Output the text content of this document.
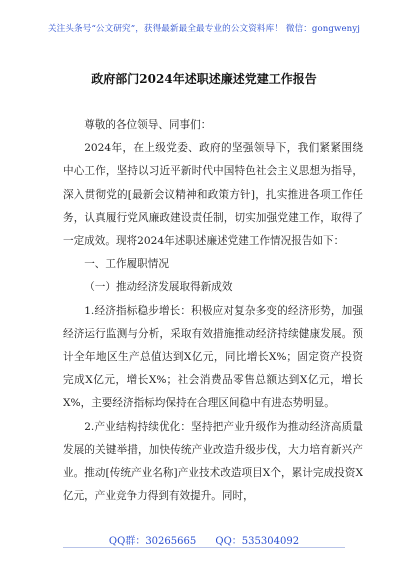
关注头条号“公文研究”，获得最新最全最专业的公文资料库！ 微信：gongwenyj
政府部门2024年述职述廉述党建工作报告

尊敬的各位领导、同事们：

2024年，在上级党委、政府的坚强领导下，我们紧紧围绕中心工作，坚持以习近平新时代中国特色社会主义思想为指导，深入贯彻党的[最新会议精神和政策方针]，扎实推进各项工作任务，认真履行党风廉政建设责任制，切实加强党建工作，取得了一定成效。现将2024年述职述廉述党建工作情况报告如下：

一、工作履职情况

（一）推动经济发展取得新成效

1.经济指标稳步增长：积极应对复杂多变的经济形势，加强经济运行监测与分析，采取有效措施推动经济持续健康发展。预计全年地区生产总值达到X亿元，同比增长X%；固定资产投资完成X亿元，增长X%；社会消费品零售总额达到X亿元，增长X%，主要经济指标均保持在合理区间稳中有进态势明显。

2.产业结构持续优化：坚持把产业升级作为推动经济高质量发展的关键举措，加快传统产业改造升级步伐，大力培育新兴产业。推动[传统产业名称]产业技术改造项目X个，累计完成投资X亿元，产业竞争力得到有效提升。同时，

QQ群：30265665 QQ：535304092
